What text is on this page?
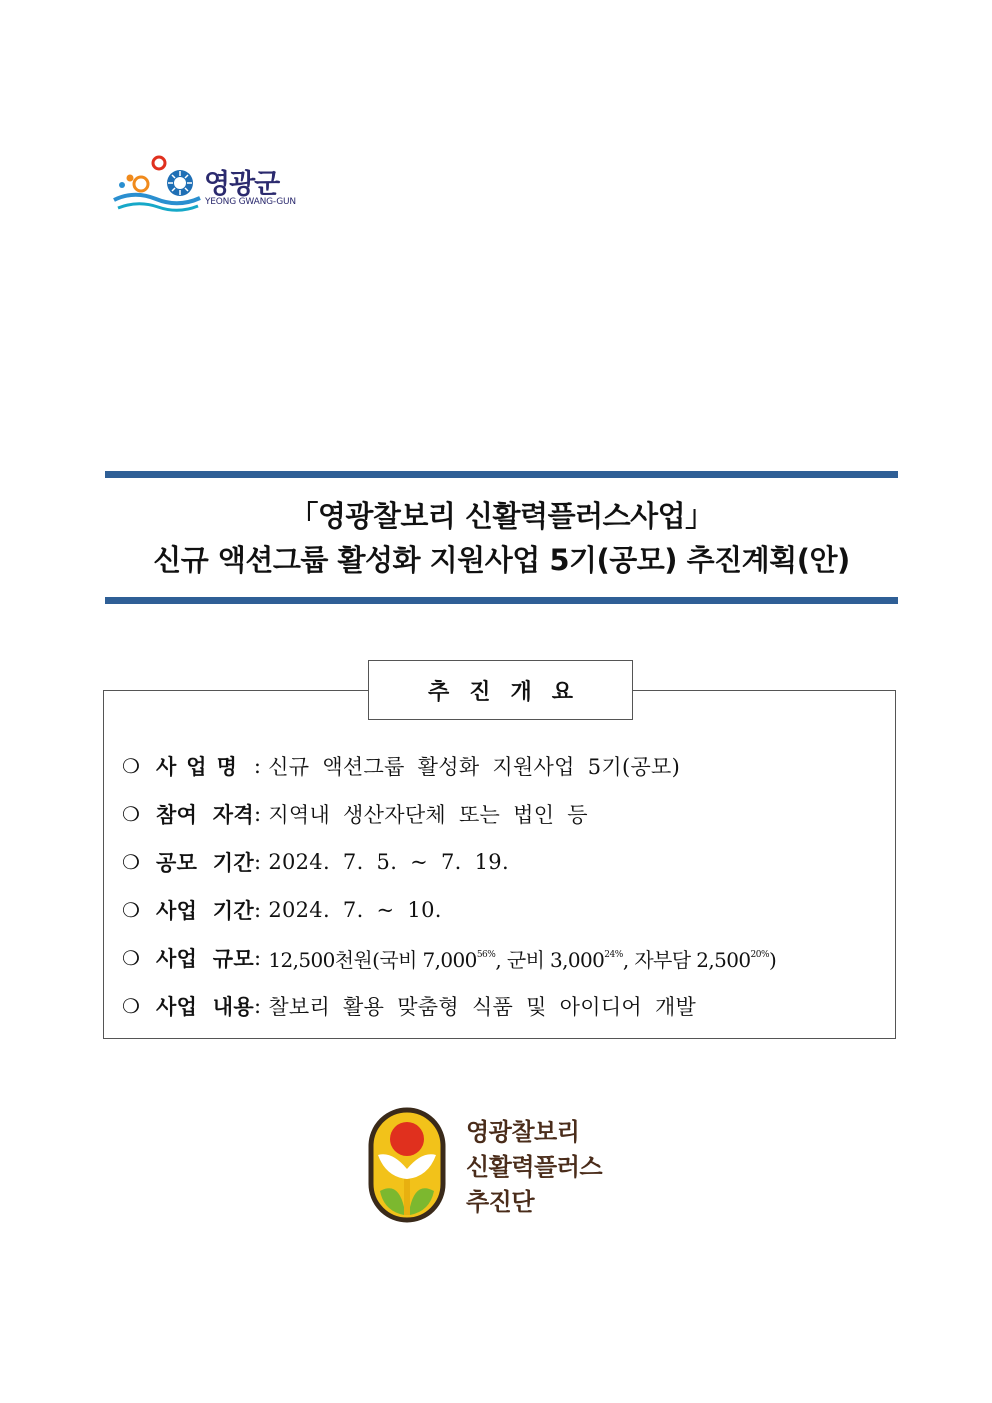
영광군
YEONG GWANG-GUN
「영광찰보리 신활력플러스사업」
신규 액션그룹 활성화 지원사업 5기(공모) 추진계획(안)
추진개요
❍ 사업명 : 신규 액션그룹 활성화 지원사업 5기(공모)
❍ 참여 자격 : 지역내 생산자단체 또는 법인 등
❍ 공모 기간 : 2024. 7. 5. ~ 7. 19.
❍ 사업 기간 : 2024. 7. ~ 10.
❍ 사업 규모 : 12,500천원(국비 $7,000^{56\%}$, 군비 $3,000^{24\%}$, 자부담 $2,500^{20\%}$)
❍ 사업 내용 : 찰보리 활용 맞춤형 식품 및 아이디어 개발
영광찰보리
신활력플러스
추진단
